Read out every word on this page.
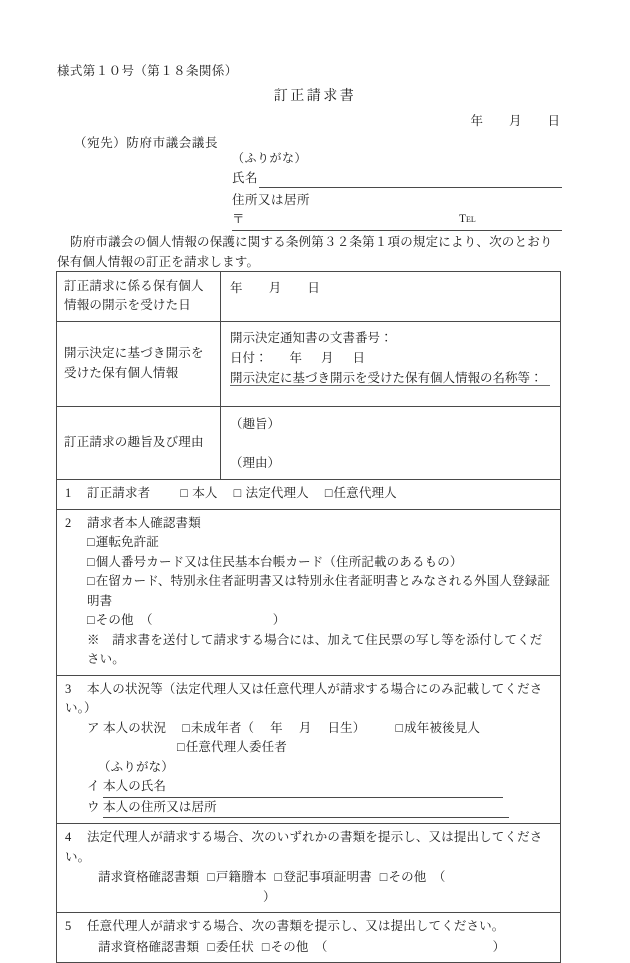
様式第１０号（第１８条関係）
訂正請求書
年 月 日
（宛先）防府市議会議長
（ふりがな）
氏名
住所又は居所
〒	Tel
防府市議会の個人情報の保護に関する条例第３２条第１項の規定により、次のとおり保有個人情報の訂正を請求します。
訂正請求に係る保有個人情報の開示を受けた日	年 月 日
開示決定に基づき開示を受けた保有個人情報	開示決定通知書の文書番号：
日付： 年 月 日
開示決定に基づき開示を受けた保有個人情報の名称等：

訂正請求の趣旨及び理由	（趣旨）
（理由）
1 訂正請求者 □ 本人 □ 法定代理人 □任意代理人
2 請求者本人確認書類
□運転免許証
□個人番号カード又は住民基本台帳カード（住所記載のあるもの）
□在留カード、特別永住者証明書又は特別永住者証明書とみなされる外国人登録証明書
□その他　（	）
※　請求書を送付して請求する場合には、加えて住民票の写し等を添付してください。

3 本人の状況等（法定代理人又は任意代理人が請求する場合にのみ記載してください。）
ア 本人の状況 □未成年者（ 年 月 日生） □成年被後見人
□任意代理人委任者
（ふりがな）
イ 本人の氏名
ウ 本人の住所又は居所

4 法定代理人が請求する場合、次のいずれかの書類を提示し、又は提出してください。
請求資格確認書類 □戸籍謄本 □登記事項証明書 □その他　（）

5 任意代理人が請求する場合、次の書類を提示し、又は提出してください。
請求資格確認書類 □委任状 □その他　（	）
